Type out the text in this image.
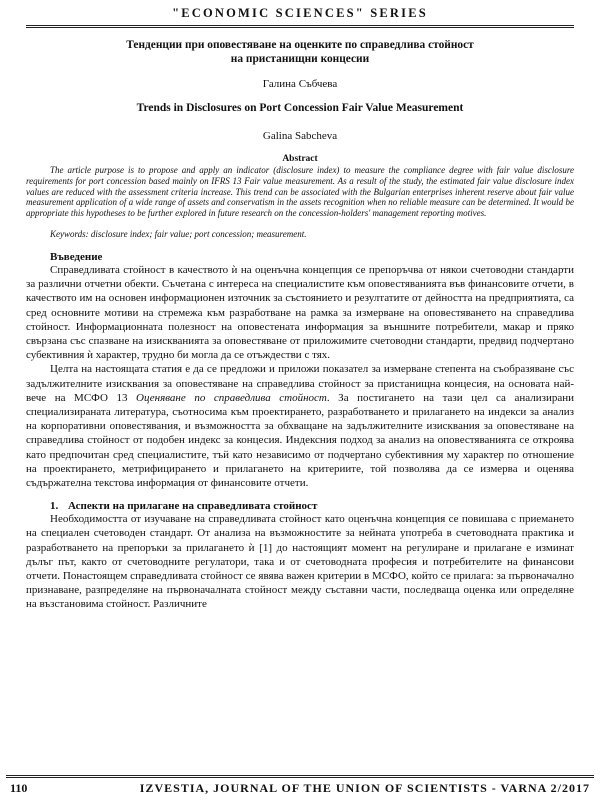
"ECONOMIC SCIENCES" SERIES
Тенденции при оповестяване на оценките по справедлива стойност
на пристанищни концесии
Галина Събчева
Trends in Disclosures on Port Concession Fair Value Measurement
Galina Sabcheva
Abstract

The article purpose is to propose and apply an indicator (disclosure index) to measure the compliance degree with fair value disclosure requirements for port concession based mainly on IFRS 13 Fair value measurement. As a result of the study, the estimated fair value disclosure index values are reduced with the assessment criteria increase. This trend can be associated with the Bulgarian enterprises inherent reserve about fair value measurement application of a wide range of assets and conservatism in the assets recognition when no reliable measure can be determined. It would be appropriate this hypotheses to be further explored in future research on the concession-holders' management reporting motives.

Keywords: disclosure index; fair value; port concession; measurement.
Въведение

Справедливата стойност в качеството ѝ на оценъчна концепция се препоръчва от някои счетоводни стандарти за различни отчетни обекти. Съчетана с интереса на специалистите към оповестяванията във финансовите отчети, в качеството им на основен информационен източник за състоянието и резултатите от дейността на предприятията, са сред основните мотиви на стремежа към разработване на рамка за измерване на оповестяването на справедлива стойност. Информационната полезност на оповестената информация за външните потребители, макар и пряко свързана със спазване на изискванията за оповестяване от приложимите счетоводни стандарти, предвид подчертано субективния ѝ характер, трудно би могла да се отъждестви с тях.

Целта на настоящата статия е да се предложи и приложи показател за измерване степента на съобразяване със задължителните изисквания за оповестяване на справедлива стойност за пристанищна концесия, на основата най-вече на МСФО 13 Оценяване по справедлива стойност. За постигането на тази цел са анализирани специализираната литература, съотносима към проектирането, разработването и прилагането на индекси за анализ на корпоративни оповестявания, и възможността за обхващане на задължителните изисквания за оповестяване на справедлива стойност от подобен индекс за концесия. Индексния подход за анализ на оповестяванията се откроява като предпочитан сред специалистите, тъй като независимо от подчертано субективния му характер по отношение на проектирането, метрифицирането и прилагането на критериите, той позволява да се измерва и оценява съдържателна текстова информация от финансовите отчети.

1. Аспекти на прилагане на справедливата стойност

Необходимостта от изучаване на справедливата стойност като оценъчна концепция се повишава с приемането на специален счетоводен стандарт. От анализа на възможностите за нейната употреба в счетоводната практика и разработването на препоръки за прилагането ѝ [1] до настоящият момент на регулиране и прилагане е изминат дълъг път, както от счетоводните регулатори, така и от счетоводната професия и потребителите на финансови отчети. Понастоящем справедливата стойност се явява важен критерии в МСФО, който се прилага: за първоначално признаване, разпределяне на първоначалната стойност между съставни части, последваща оценка или определяне на възстановима стойност. Различните

110	IZVESTIA, JOURNAL OF THE UNION OF SCIENTISTS - VARNA 2/2017
